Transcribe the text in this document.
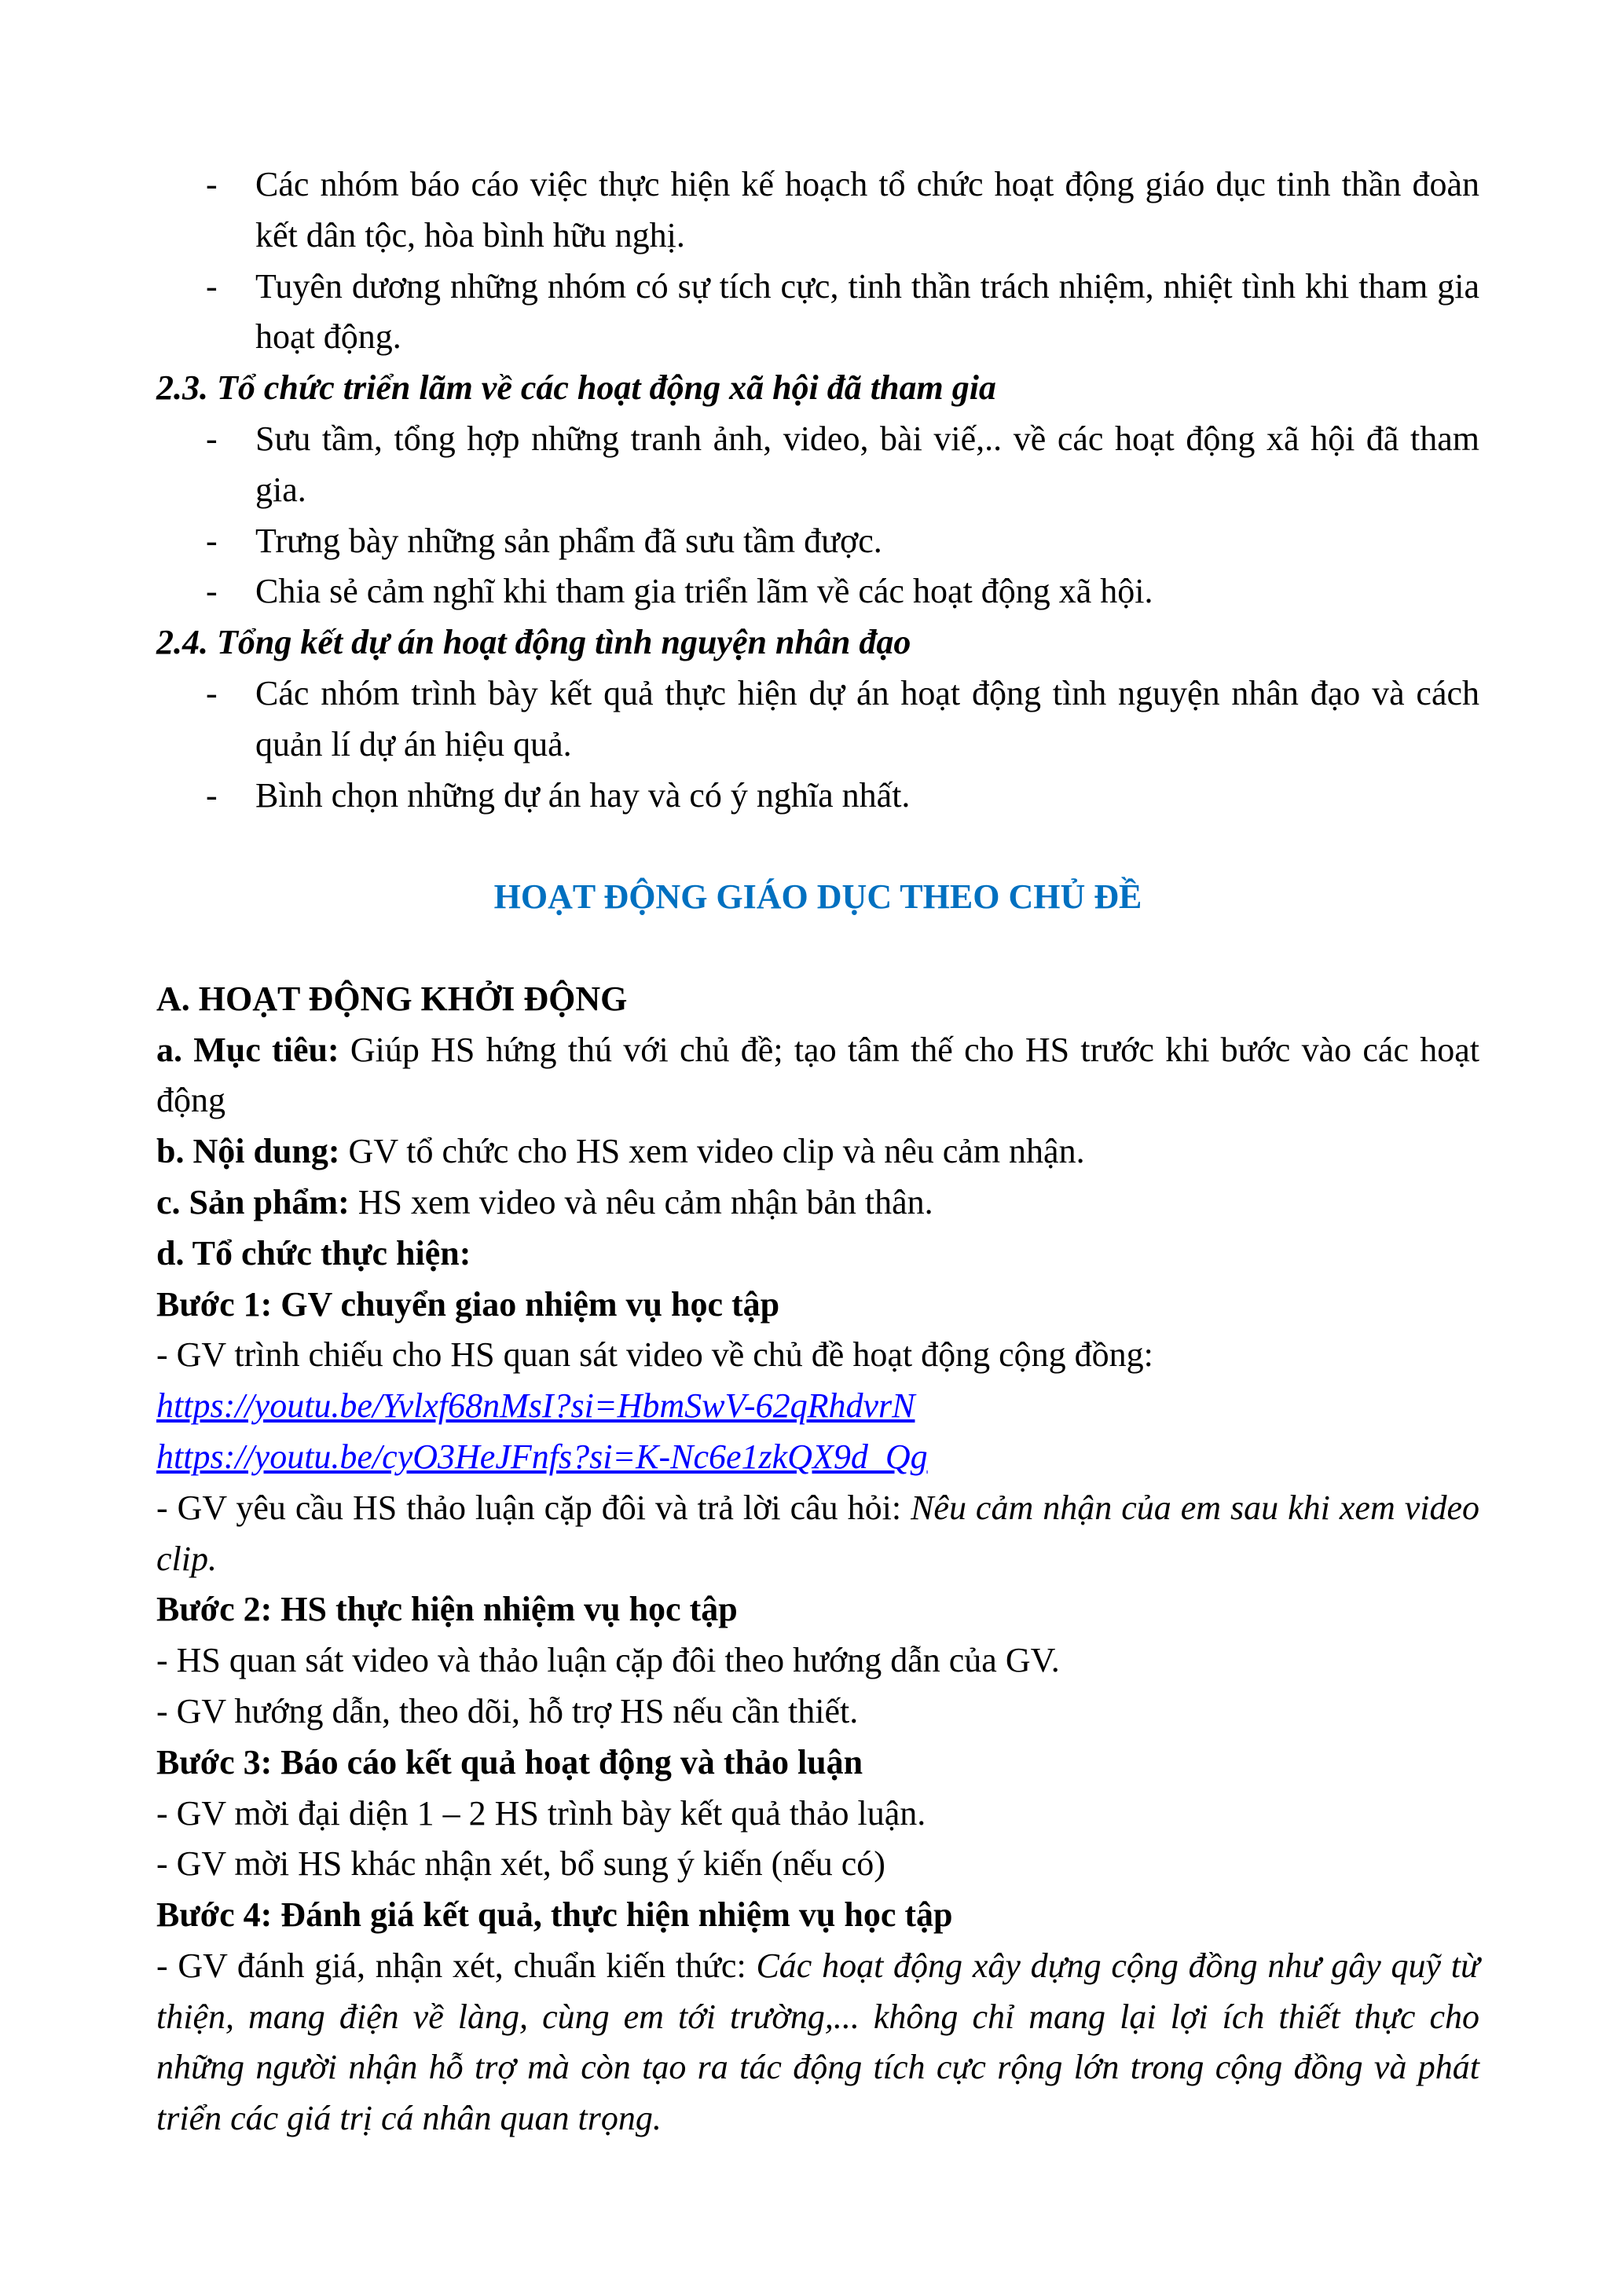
-	Các nhóm báo cáo việc thực hiện kế hoạch tổ chức hoạt động giáo dục tinh thần đoàn kết dân tộc, hòa bình hữu nghị.
-	Tuyên dương những nhóm có sự tích cực, tinh thần trách nhiệm, nhiệt tình khi tham gia hoạt động.
2.3. Tổ chức triển lãm về các hoạt động xã hội đã tham gia
-	Sưu tầm, tổng hợp những tranh ảnh, video, bài viế,.. về các hoạt động xã hội đã tham gia.
-	Trưng bày những sản phẩm đã sưu tầm được.
-	Chia sẻ cảm nghĩ khi tham gia triển lãm về các hoạt động xã hội.
2.4. Tổng kết dự án hoạt động tình nguyện nhân đạo
-	Các nhóm trình bày kết quả thực hiện dự án hoạt động tình nguyện nhân đạo và cách quản lí dự án hiệu quả.
-	Bình chọn những dự án hay và có ý nghĩa nhất.
HOẠT ĐỘNG GIÁO DỤC THEO CHỦ ĐỀ
A. HOẠT ĐỘNG KHỞI ĐỘNG
a. Mục tiêu: Giúp HS hứng thú với chủ đề; tạo tâm thế cho HS trước khi bước vào các hoạt động
b. Nội dung: GV tổ chức cho HS xem video clip và nêu cảm nhận.
c. Sản phẩm: HS xem video và nêu cảm nhận bản thân.
d. Tổ chức thực hiện:
Bước 1: GV chuyển giao nhiệm vụ học tập
- GV trình chiếu cho HS quan sát video về chủ đề hoạt động cộng đồng:
https://youtu.be/Yvlxf68nMsI?si=HbmSwV-62qRhdvrN
https://youtu.be/cyO3HeJFnfs?si=K-Nc6e1zkQX9d_Qg
- GV yêu cầu HS thảo luận cặp đôi và trả lời câu hỏi: Nêu cảm nhận của em sau khi xem video clip.
Bước 2: HS thực hiện nhiệm vụ học tập
- HS quan sát video và thảo luận cặp đôi theo hướng dẫn của GV.
- GV hướng dẫn, theo dõi, hỗ trợ HS nếu cần thiết.
Bước 3: Báo cáo kết quả hoạt động và thảo luận
- GV mời đại diện 1 – 2 HS trình bày kết quả thảo luận.
- GV mời HS khác nhận xét, bổ sung ý kiến (nếu có)
Bước 4: Đánh giá kết quả, thực hiện nhiệm vụ học tập
- GV đánh giá, nhận xét, chuẩn kiến thức: Các hoạt động xây dựng cộng đồng như gây quỹ từ thiện, mang điện về làng, cùng em tới trường,... không chỉ mang lại lợi ích thiết thực cho những người nhận hỗ trợ mà còn tạo ra tác động tích cực rộng lớn trong cộng đồng và phát triển các giá trị cá nhân quan trọng.
